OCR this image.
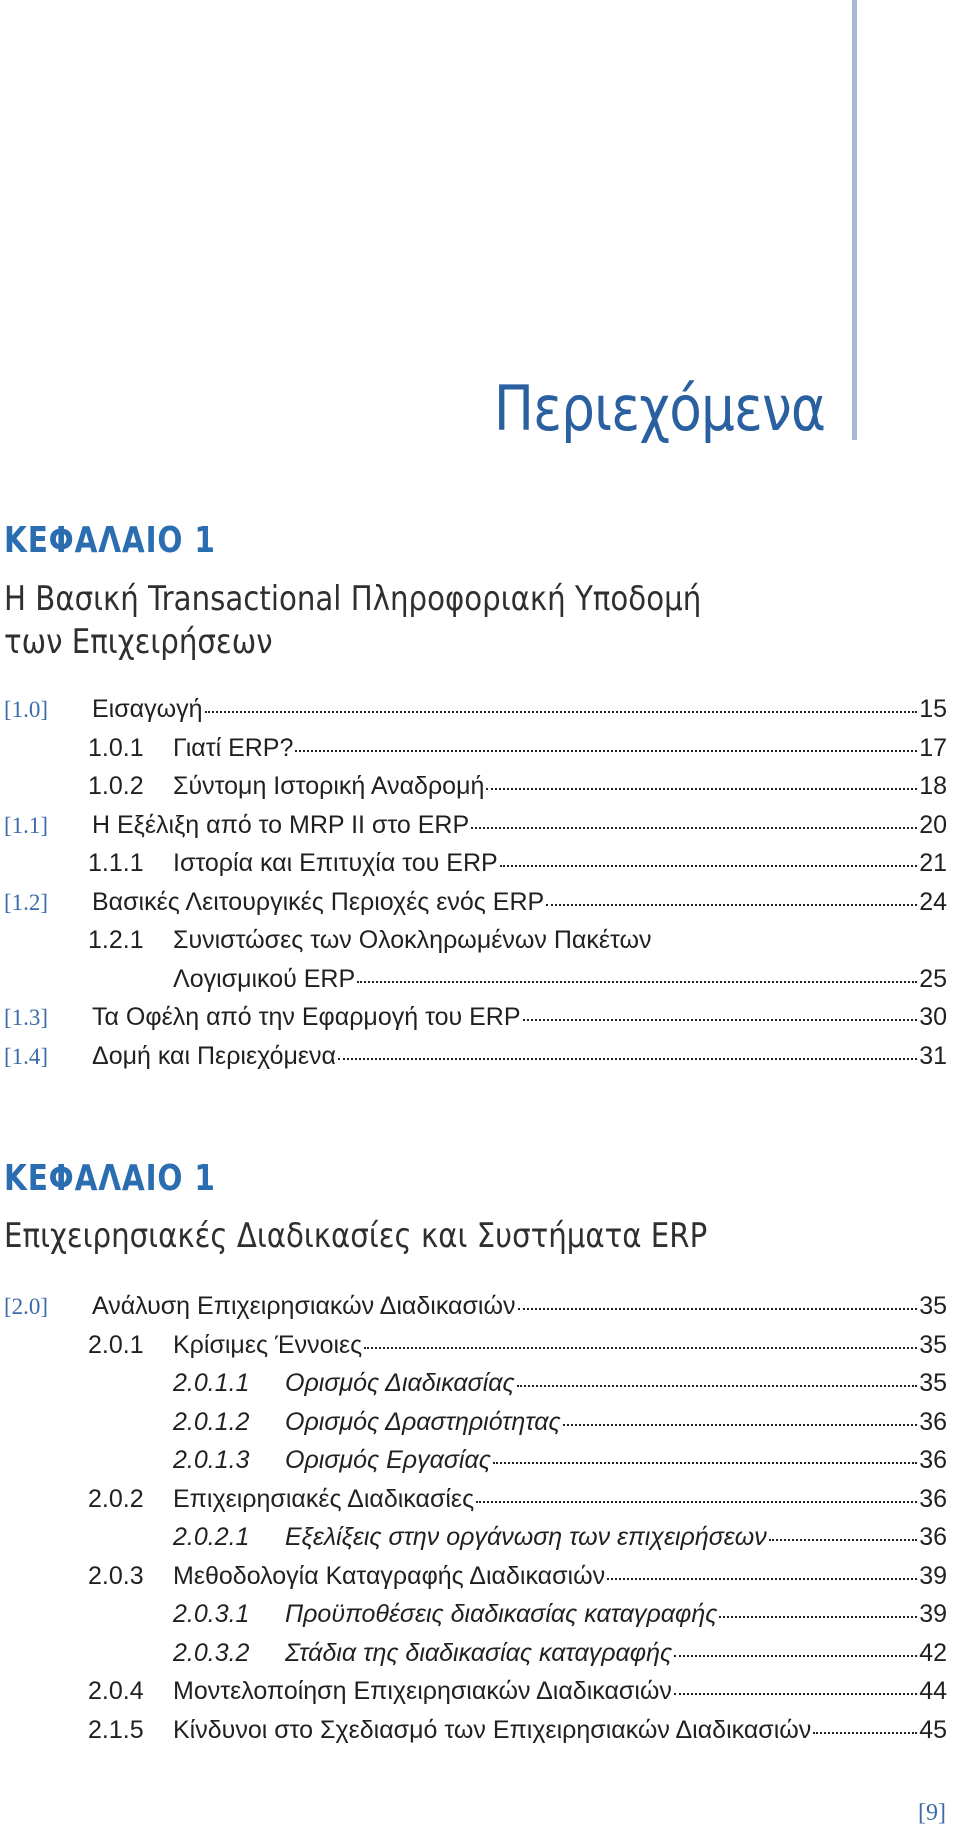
Περιεχόμενα
ΚΕΦΑΛΑΙΟ 1
Η Βασική Transactional Πληροφοριακή Υποδομή
των Επιχειρήσεων
[1.0]	Εισαγωγή	15
1.0.1	Γιατί ERP?	17
1.0.2	Σύντομη Ιστορική Αναδρομή	18
[1.1]	Η Εξέλιξη από το MRP II στο ERP	20
1.1.1	Ιστορία και Επιτυχία του ERP	21
[1.2]	Βασικές Λειτουργικές Περιοχές ενός ERP	24
1.2.1	Συνιστώσες των Ολοκληρωμένων Πακέτων
Λογισμικού ERP	25
[1.3]	Τα Οφέλη από την Εφαρμογή του ERP	30
[1.4]	Δομή και Περιεχόμενα	31
ΚΕΦΑΛΑΙΟ 1
Επιχειρησιακές Διαδικασίες και Συστήματα ERP
[2.0]	Ανάλυση Επιχειρησιακών Διαδικασιών	35
2.0.1	Κρίσιμες Έννοιες	35
2.0.1.1	Ορισμός Διαδικασίας	35
2.0.1.2	Ορισμός Δραστηριότητας	36
2.0.1.3	Ορισμός Εργασίας	36
2.0.2	Επιχειρησιακές Διαδικασίες	36
2.0.2.1	Εξελίξεις στην οργάνωση των επιχειρήσεων	36
2.0.3	Μεθοδολογία Καταγραφής Διαδικασιών	39
2.0.3.1	Προϋποθέσεις διαδικασίας καταγραφής	39
2.0.3.2	Στάδια της διαδικασίας καταγραφής	42
2.0.4	Μοντελοποίηση Επιχειρησιακών Διαδικασιών	44
2.1.5	Κίνδυνοι στο Σχεδιασμό των Επιχειρησιακών Διαδικασιών	45
[9]
